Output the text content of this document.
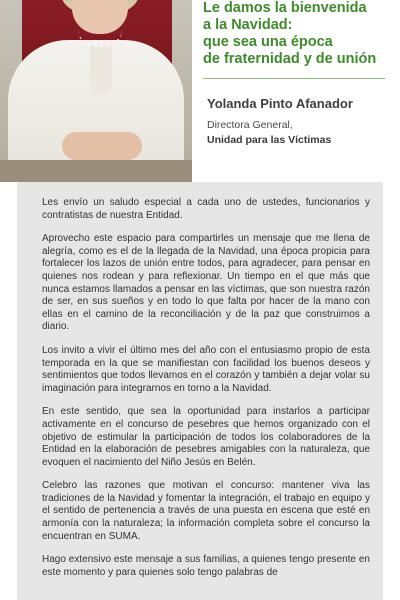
Le damos la bienvenida
a la Navidad:
que sea una época
de fraternidad y de unión

Yolanda Pinto Afanador

Directora General,

Unidad para las Víctimas

Les envío un saludo especial a cada uno de ustedes, funcionarios y contratistas de nuestra Entidad.

Aprovecho este espacio para compartirles un mensaje que me llena de alegría, como es el de la llegada de la Navidad, una época propicia para fortalecer los lazos de unión entre todos, para agradecer, para pensar en quienes nos rodean y para reflexionar. Un tiempo en el que más que nunca estamos llamados a pensar en las víctimas, que son nuestra razón de ser, en sus sueños y en todo lo que falta por hacer de la mano con ellas en el camino de la reconciliación y de la paz que construimos a diario.

Los invito a vivir el último mes del año con el entusiasmo propio de esta temporada en la que se manifiestan con facilidad los buenos deseos y sentimientos que todos llevamos en el corazón y también a dejar volar su imaginación para integrarnos en torno a la Navidad.

En este sentido, que sea la oportunidad para instarlos a participar activamente en el concurso de pesebres que hemos organizado con el objetivo de estimular la participación de todos los colaboradores de la Entidad en la elaboración de pesebres amigables con la naturaleza, que evoquen el nacimiento del Niño Jesús en Belén.

Celebro las razones que motivan el concurso: mantener viva las tradiciones de la Navidad y fomentar la integración, el trabajo en equipo y el sentido de pertenencia a través de una puesta en escena que esté en armonía con la naturaleza; la información completa sobre el concurso la encuentran en SUMA.

Hago extensivo este mensaje a sus familias, a quienes tengo presente en este momento y para quienes solo tengo palabras de
